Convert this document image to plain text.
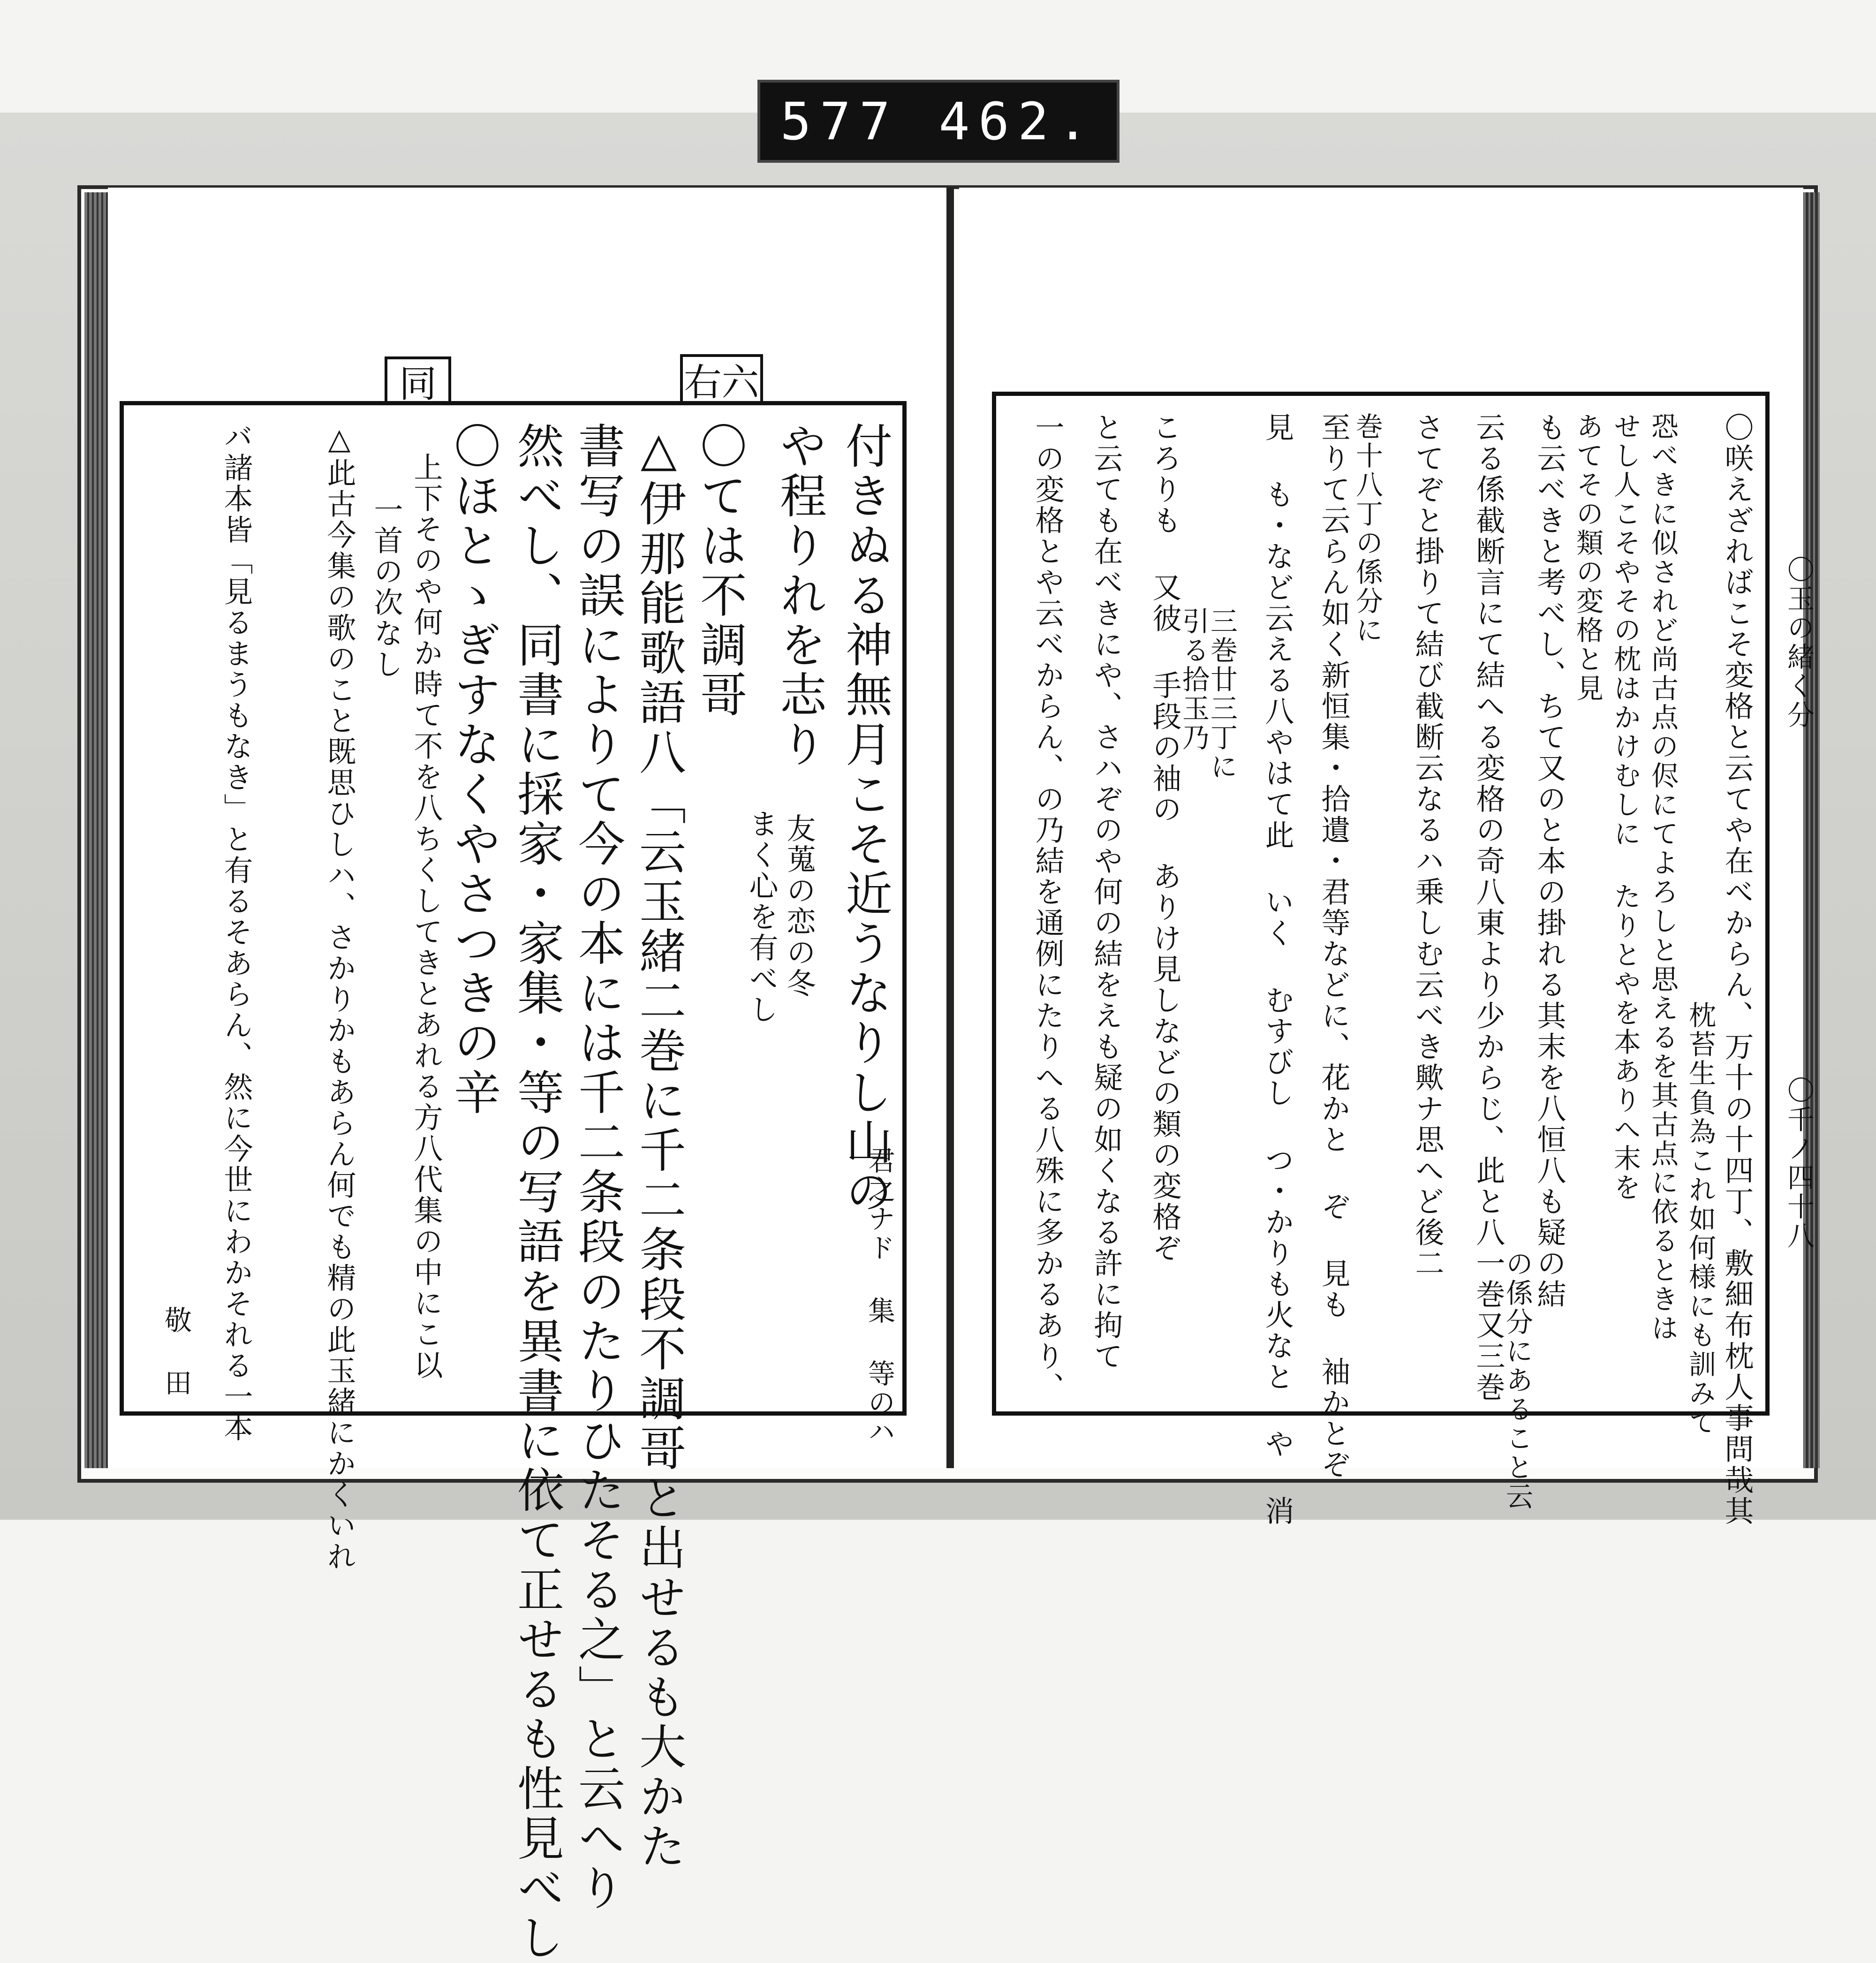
577 462.
同	右六
付きぬる神無月こそ近うなりし山の
や程りれを志り
友蒐の恋の冬
まく心を有べし
君之ナド 集 等のハ
〇ては不調哥
△伊那能歌語八「云玉緒二巻に千二条段不調哥と出せるも大かた
書写の誤によりて今の本には千二条段のたりひたそる之」と云へり
然べし、同書に採家・家集・等の写語を異書に依て正せるも性見べし
〇ほとゝぎすなくやさつきの辛
上下そのや何か時て不を八ちくしてきとあれる方八代集の中にこ以
一首の次なし
△此古今集の歌のこと既思ひしハ、さかりかもあらん何でも精の此玉緒にかくいれ
バ諸本皆「見るまうもなき」と有るそあらん、然に今世にわかそれる一本
敬 田
〇玉の緒く分
〇千ノ四十八
〇咲えざればこそ変格と云てや在べからん、万十の十四丁、敷細布枕人事問哉其
枕苔生負為これ如何様にも訓みて
恐べきに似されど尚古点の侭にてよろしと思えるを其古点に依るときは
せし人こそやその枕はかけむしに たりとやを本ありへ末を
あてその類の変格と見
も云べきと考べし、ちて又のと本の掛れる其末を八恒八も疑の結
云る係截断言にて結へる変格の奇八東より少からじ、此と八一巻又三巻
の係分にあること云
さてぞと掛りて結び截断云なるハ乗しむ云べき歟ナ思へど後二
巻十八丁の係分に
至りて云らん如く新恒集・拾遺・君等などに、花かと ぞ 見も 袖かとぞ
見 も・など云える八やはて此 いく むすびし つ・かりも火なと や 消
三巻廿三丁に
引る拾玉乃
ころりも 又彼 手段の袖の ありけ見しなどの類の変格ぞ
と云ても在べきにや、さハぞのや何の結をえも疑の如くなる許に拘て
一の変格とや云べからん、の乃結を通例にたりへる八殊に多かるあり、
